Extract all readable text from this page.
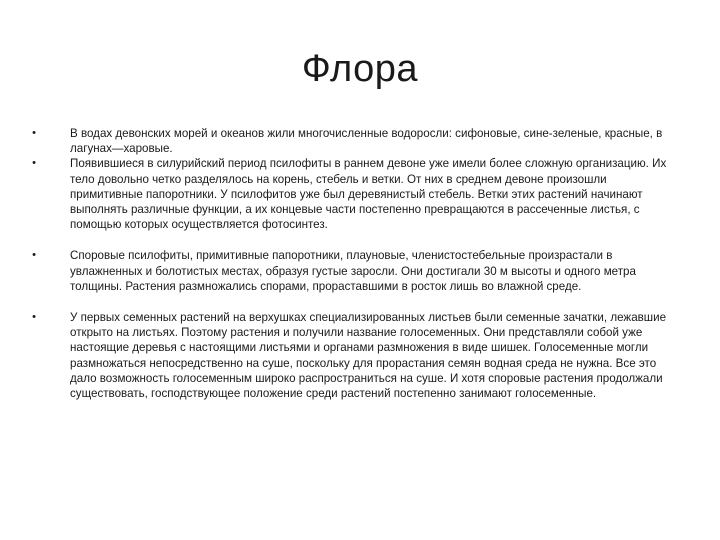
Флора
•	В водах девонских морей и океанов жили многочисленные водоросли: сифоновые, сине-зеленые, красные, в лагунах—харовые.
•	Появившиеся в силурийский период псилофиты в раннем девоне уже имели более сложную организацию. Их тело довольно четко разделялось на корень, стебель и ветки. От них в среднем девоне произошли примитивные папоротники. У псилофитов уже был деревянистый стебель. Ветки этих растений начинают выполнять различные функции, а их концевые части постепенно превращаются в рассеченные листья, с помощью которых осуществляется фотосинтез.
•	Споровые псилофиты, примитивные папоротники, плауновые, членистостебельные произрастали в увлажненных и болотистых местах, образуя густые заросли. Они достигали 30 м высоты и одного метра толщины. Растения размножались спорами, прораставшими в росток лишь во влажной среде.
•	У первых семенных растений на верхушках специализированных листьев были семенные зачатки, лежавшие открыто на листьях. Поэтому растения и получили название голосеменных. Они представляли собой уже настоящие деревья с настоящими листьями и органами размножения в виде шишек. Голосеменные могли размножаться непосредственно на суше, поскольку для прорастания семян водная среда не нужна. Все это дало возможность голосеменным широко распространиться на суше. И хотя споровые растения продолжали существовать, господствующее положение среди растений постепенно занимают голосеменные.
